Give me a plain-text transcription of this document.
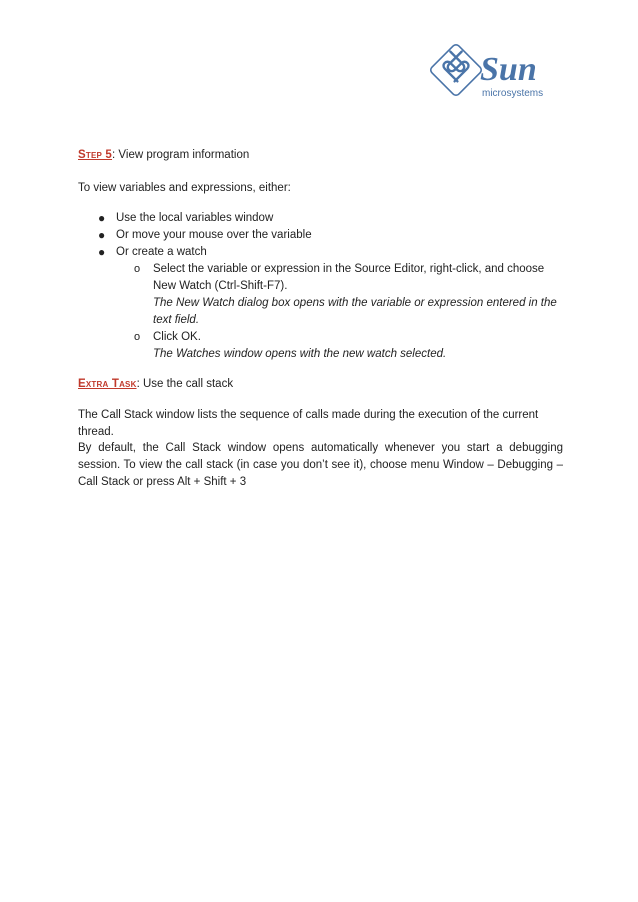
Sun
microsystems
Step 5: View program information

To view variables and expressions, either:

● Use the local variables window
● Or move your mouse over the variable
● Or create a watch
o Select the variable or expression in the Source Editor, right-click, and choose New Watch (Ctrl-Shift-F7).
The New Watch dialog box opens with the variable or expression entered in the text field.
o Click OK.
The Watches window opens with the new watch selected.
Extra Task: Use the call stack

The Call Stack window lists the sequence of calls made during the execution of the current thread.

By default, the Call Stack window opens automatically whenever you start a debugging session. To view the call stack (in case you don’t see it), choose menu Window – Debugging – Call Stack or press Alt + Shift + 3
